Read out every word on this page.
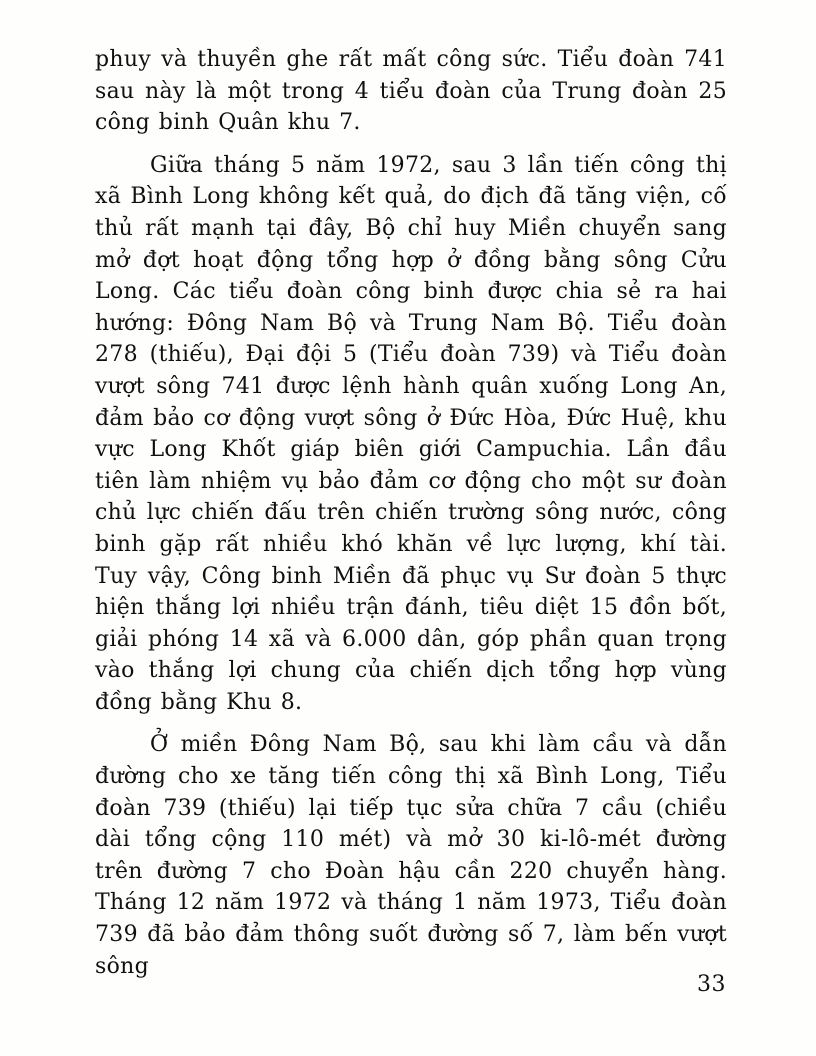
phuy và thuyền ghe rất mất công sức. Tiểu đoàn 741 sau này là một trong 4 tiểu đoàn của Trung đoàn 25 công binh Quân khu 7.

Giữa tháng 5 năm 1972, sau 3 lần tiến công thị xã Bình Long không kết quả, do địch đã tăng viện, cố thủ rất mạnh tại đây, Bộ chỉ huy Miền chuyển sang mở đợt hoạt động tổng hợp ở đồng bằng sông Cửu Long. Các tiểu đoàn công binh được chia sẻ ra hai hướng: Đông Nam Bộ và Trung Nam Bộ. Tiểu đoàn 278 (thiếu), Đại đội 5 (Tiểu đoàn 739) và Tiểu đoàn vượt sông 741 được lệnh hành quân xuống Long An, đảm bảo cơ động vượt sông ở Đức Hòa, Đức Huệ, khu vực Long Khốt giáp biên giới Campuchia. Lần đầu tiên làm nhiệm vụ bảo đảm cơ động cho một sư đoàn chủ lực chiến đấu trên chiến trường sông nước, công binh gặp rất nhiều khó khăn về lực lượng, khí tài. Tuy vậy, Công binh Miền đã phục vụ Sư đoàn 5 thực hiện thắng lợi nhiều trận đánh, tiêu diệt 15 đồn bốt, giải phóng 14 xã và 6.000 dân, góp phần quan trọng vào thắng lợi chung của chiến dịch tổng hợp vùng đồng bằng Khu 8.

Ở miền Đông Nam Bộ, sau khi làm cầu và dẫn đường cho xe tăng tiến công thị xã Bình Long, Tiểu đoàn 739 (thiếu) lại tiếp tục sửa chữa 7 cầu (chiều dài tổng cộng 110 mét) và mở 30 ki-lô-mét đường trên đường 7 cho Đoàn hậu cần 220 chuyển hàng. Tháng 12 năm 1972 và tháng 1 năm 1973, Tiểu đoàn 739 đã bảo đảm thông suốt đường số 7, làm bến vượt sông

33
